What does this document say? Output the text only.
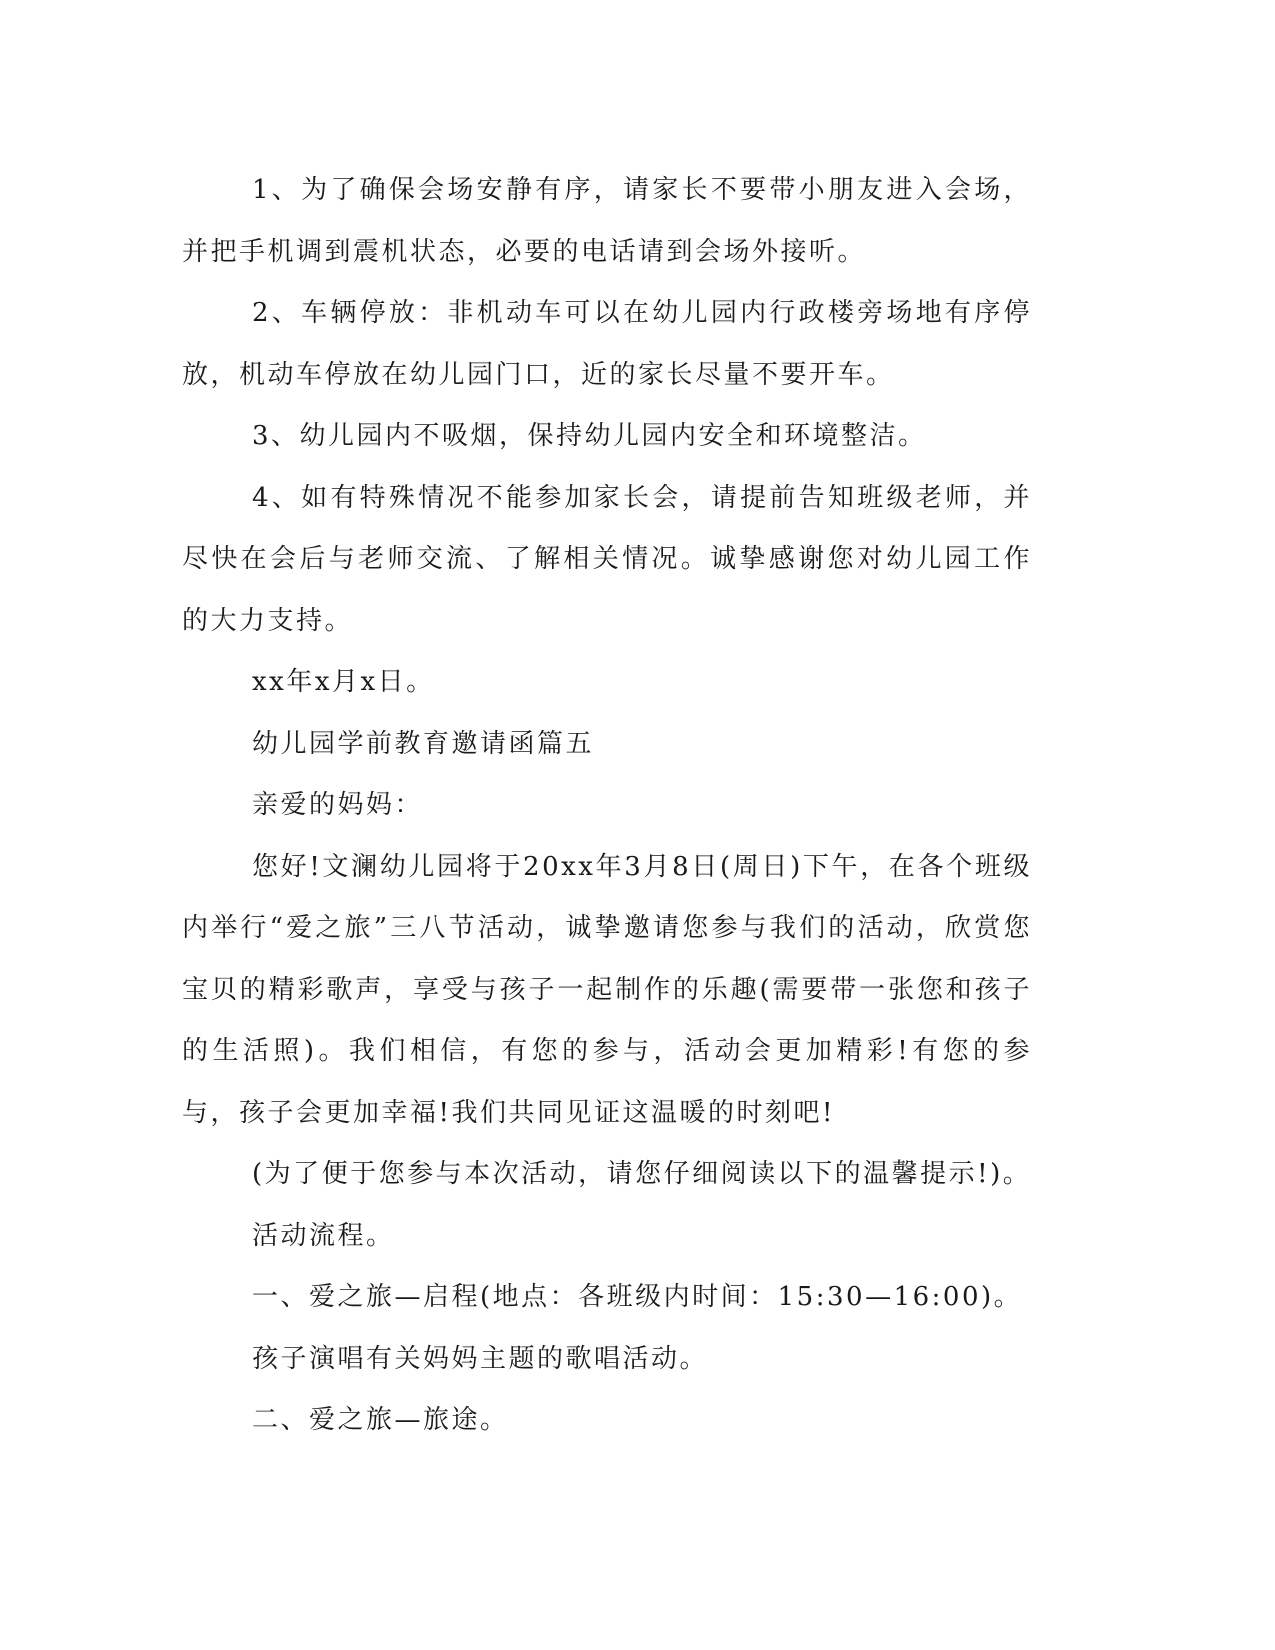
1、为了确保会场安静有序，请家长不要带小朋友进入会场，并把手机调到震机状态，必要的电话请到会场外接听。

2、车辆停放：非机动车可以在幼儿园内行政楼旁场地有序停放，机动车停放在幼儿园门口，近的家长尽量不要开车。

3、幼儿园内不吸烟，保持幼儿园内安全和环境整洁。

4、如有特殊情况不能参加家长会，请提前告知班级老师，并尽快在会后与老师交流、了解相关情况。诚挚感谢您对幼儿园工作的大力支持。

xx年x月x日。

幼儿园学前教育邀请函篇五

亲爱的妈妈：

您好!文澜幼儿园将于20xx年3月8日(周日)下午，在各个班级内举行“爱之旅”三八节活动，诚挚邀请您参与我们的活动，欣赏您宝贝的精彩歌声，享受与孩子一起制作的乐趣(需要带一张您和孩子的生活照)。我们相信，有您的参与，活动会更加精彩!有您的参与，孩子会更加幸福!我们共同见证这温暖的时刻吧!

(为了便于您参与本次活动，请您仔细阅读以下的温馨提示!)。

活动流程。

一、爱之旅—启程(地点：各班级内时间：15:30—16:00)。

孩子演唱有关妈妈主题的歌唱活动。

二、爱之旅—旅途。
